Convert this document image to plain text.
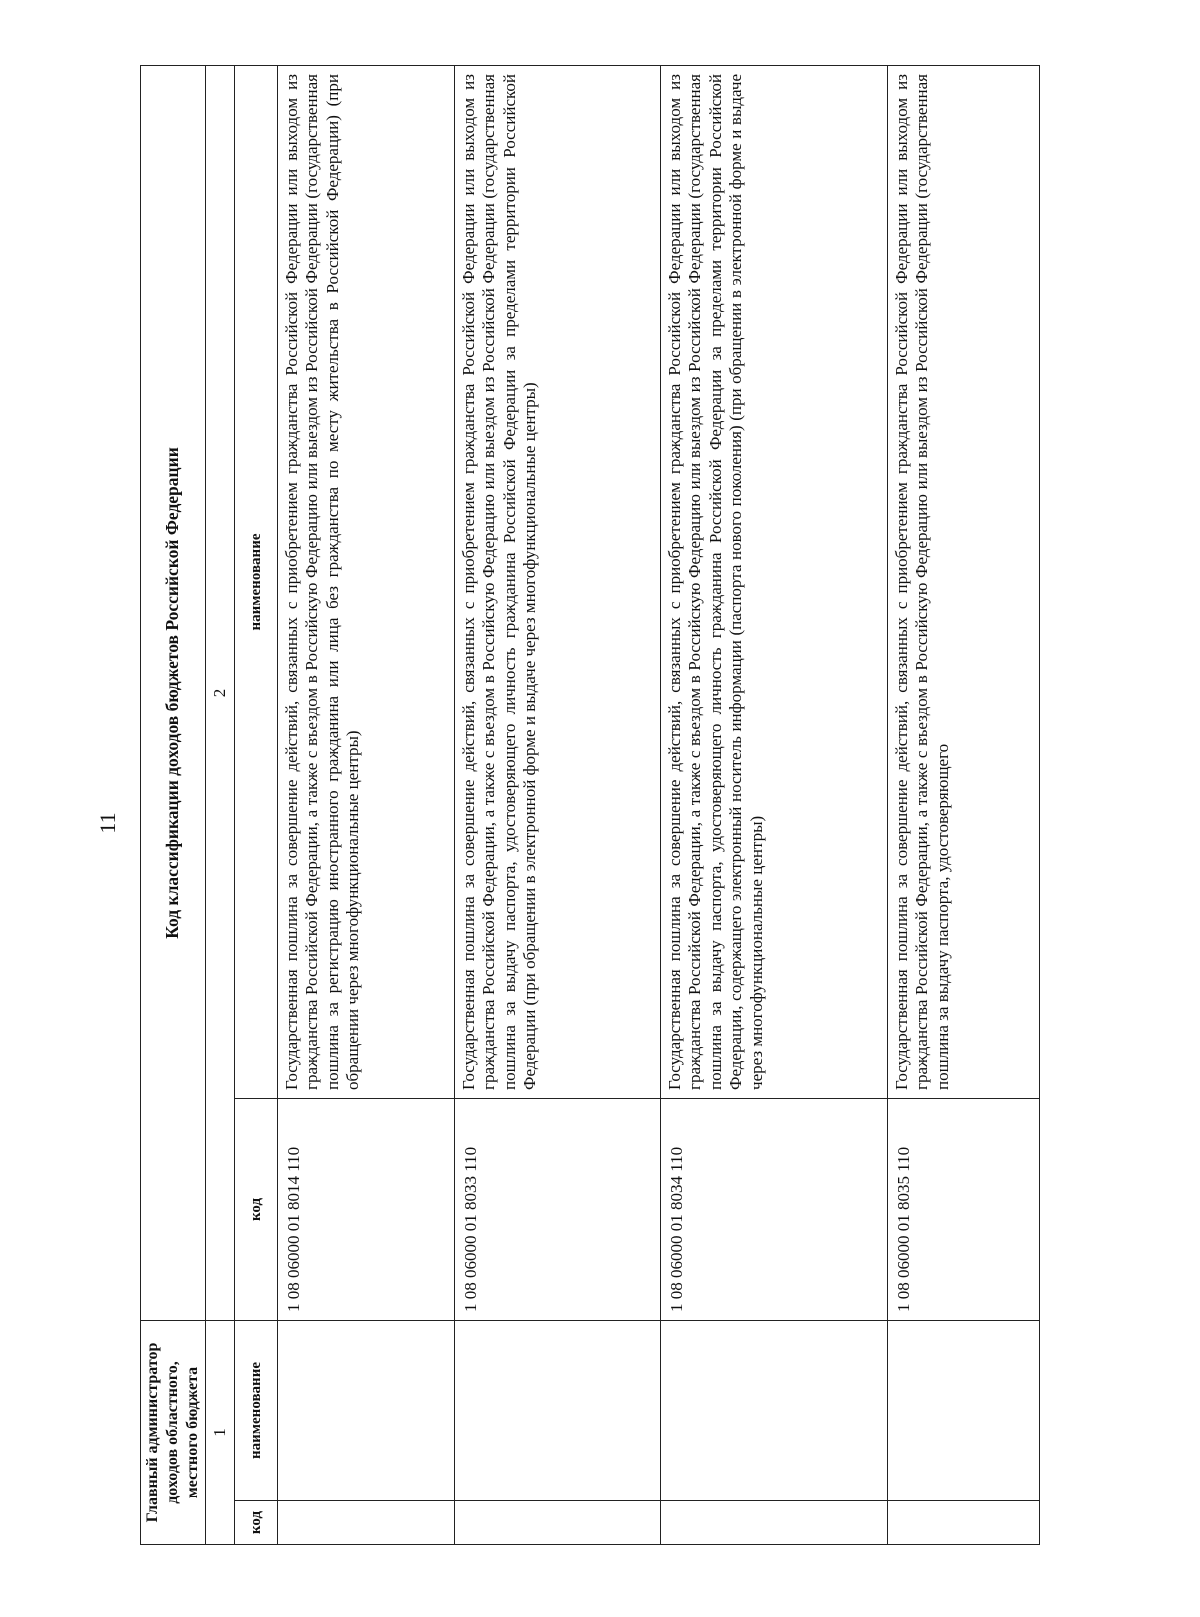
11
Главный администратор доходов областного, местного бюджета		Код классификации доходов бюджетов Российской Федерации	
1		2	
код	наименование	код	наименование
		1 08 06000 01 8014 110	Государственная пошлина за совершение действий, связанных с приобретением гражданства Российской Федерации или выходом из гражданства Российской Федерации, а также с въездом в Российскую Федерацию или выездом из Российской Федерации (государственная пошлина за регистрацию иностранного гражданина или лица без гражданства по месту жительства в Российской Федерации) (при обращении через многофункциональные центры)
		1 08 06000 01 8033 110	Государственная пошлина за совершение действий, связанных с приобретением гражданства Российской Федерации или выходом из гражданства Российской Федерации, а также с въездом в Российскую Федерацию или выездом из Российской Федерации (государственная пошлина за выдачу паспорта, удостоверяющего личность гражданина Российской Федерации за пределами территории Российской Федерации (при обращении в электронной форме и выдаче через многофункциональные центры)
		1 08 06000 01 8034 110	Государственная пошлина за совершение действий, связанных с приобретением гражданства Российской Федерации или выходом из гражданства Российской Федерации, а также с въездом в Российскую Федерацию или выездом из Российской Федерации (государственная пошлина за выдачу паспорта, удостоверяющего личность гражданина Российской Федерации за пределами территории Российской Федерации, содержащего электронный носитель информации (паспорта нового поколения) (при обращении в электронной форме и выдаче через многофункциональные центры)
		1 08 06000 01 8035 110	Государственная пошлина за совершение действий, связанных с приобретением гражданства Российской Федерации или выходом из гражданства Российской Федерации, а также с въездом в Российскую Федерацию или выездом из Российской Федерации (государственная пошлина за выдачу паспорта, удостоверяющего
